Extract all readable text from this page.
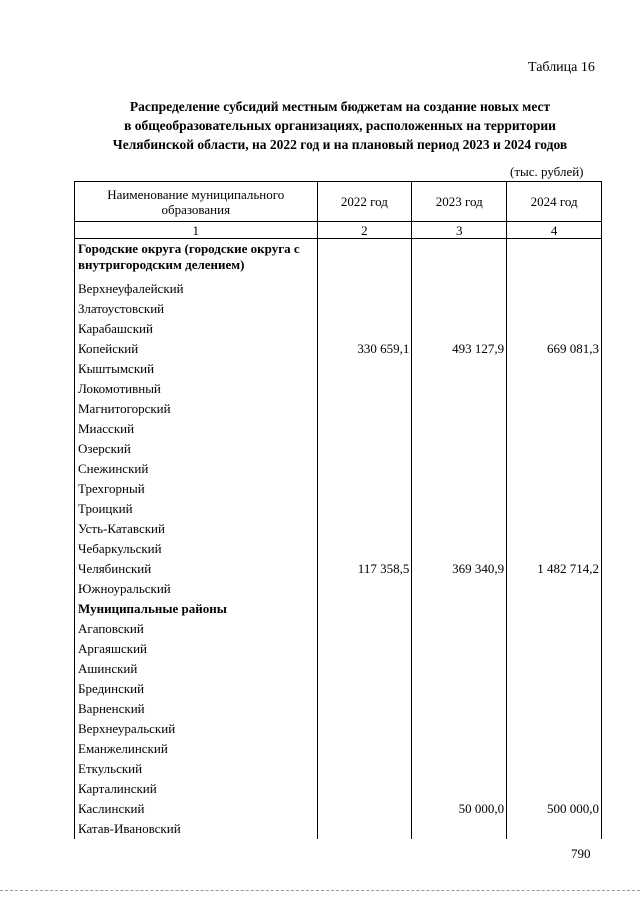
Таблица 16
Распределение субсидий местным бюджетам на создание новых мест
в общеобразовательных организациях, расположенных на территории
Челябинской области, на 2022 год и на плановый период 2023 и 2024 годов
(тыс. рублей)
Наименование муниципального образования	2022 год	2023 год	2024 год
1	2	3	4
Городские округа (городские округа с внутригородским делением)			
Верхнеуфалейский			
Златоустовский			
Карабашский			
Копейский	330 659,1	493 127,9	669 081,3
Кыштымский			
Локомотивный			
Магнитогорский			
Миасский			
Озерский			
Снежинский			
Трехгорный			
Троицкий			
Усть-Катавский			
Чебаркульский			
Челябинский	117 358,5	369 340,9	1 482 714,2
Южноуральский			
Муниципальные районы			
Агаповский			
Аргаяшский			
Ашинский			
Брединский			
Варненский			
Верхнеуральский			
Еманжелинский			
Еткульский			
Карталинский			
Каслинский		50 000,0	500 000,0
Катав-Ивановский			
790
